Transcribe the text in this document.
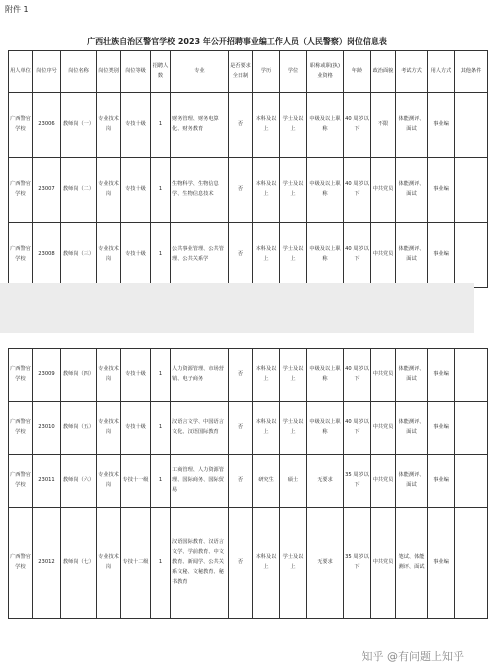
附件 1
广西壮族自治区警官学校 2023 年公开招聘事业编工作人员（人民警察）岗位信息表
用人单位	岗位序号	岗位名称	岗位类别	岗位等级	招聘人数	专业	是否要求全日制	学历	学位	职称或职(执) 业资格	年龄	政治面貌	考试方式	用人方式	其他条件
广西警官学校	23006	教师岗（一）	专业技术岗	专技十级	1	财务管理、财务电算化、财务教育	否	本科及以上	学士及以上	中级及以上职称	40 周岁以下	不限	体能测评、面试	事业编	
广西警官学校	23007	教师岗（二）	专业技术岗	专技十级	1	生物科学、生物信息学、生物信息技术	否	本科及以上	学士及以上	中级及以上职称	40 周岁以下	中共党员	体能测评、面试	事业编	
广西警官学校	23008	教师岗（三）	专业技术岗	专技十级	1	公共事业管理、公共管理、公共关系学	否	本科及以上	学士及以上	中级及以上职称	40 周岁以下	中共党员	体能测评、面试	事业编	
广西警官学校	23009	教师岗（四）	专业技术岗	专技十级	1	人力资源管理、市场营销、电子商务	否	本科及以上	学士及以上	中级及以上职称	40 周岁以下	中共党员	体能测评、面试	事业编	
广西警官学校	23010	教师岗（五）	专业技术岗	专技十级	1	汉语言文学、中国语言文化、汉语国际教育	否	本科及以上	学士及以上	中级及以上职称	40 周岁以下	中共党员	体能测评、面试	事业编	
广西警官学校	23011	教师岗（六）	专业技术岗	专技十一级	1	工商管理、人力资源管理、国际商务、国际贸易	否	研究生	硕士	无要求	35 周岁以下	中共党员	体能测评、面试	事业编	
广西警官学校	23012	教师岗（七）	专业技术岗	专技十二级	1	汉语国际教育、汉语言文学、学前教育、中文教育、新闻学、公共关系文秘、文秘教育、秘书教育	否	本科及以上	学士及以上	无要求	35 周岁以下	中共党员	笔试、体能测评、面试	事业编	
知乎 @有问题上知乎
